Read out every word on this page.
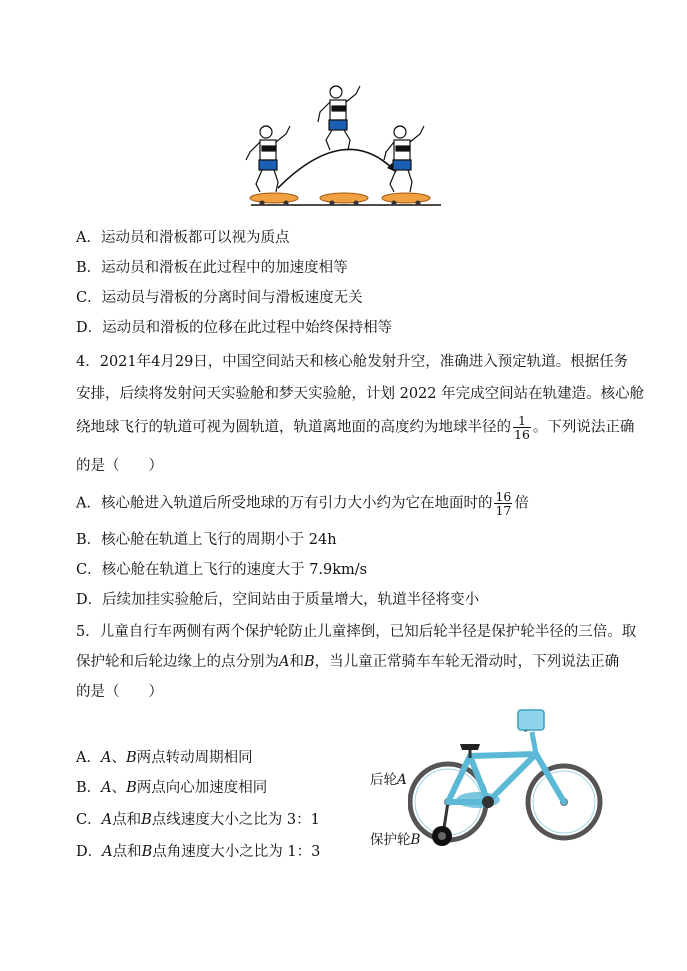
A．运动员和滑板都可以视为质点
B．运动员和滑板在此过程中的加速度相等
C．运动员与滑板的分离时间与滑板速度无关
D．运动员和滑板的位移在此过程中始终保持相等
4．2021年4月29日，中国空间站天和核心舱发射升空，准确进入预定轨道。根据任务
安排，后续将发射问天实验舱和梦天实验舱，计划 2022 年完成空间站在轨建造。核心舱
绕地球飞行的轨道可视为圆轨道，轨道离地面的高度约为地球半径的 $\frac{1}{16}$ 。下列说法正确
的是（　　）
A．核心舱进入轨道后所受地球的万有引力大小约为它在地面时的 $\frac{16}{17}$ 倍
B．核心舱在轨道上飞行的周期小于 24h
C．核心舱在轨道上飞行的速度大于 7.9km/s
D．后续加挂实验舱后，空间站由于质量增大，轨道半径将变小
5．儿童自行车两侧有两个保护轮防止儿童摔倒，已知后轮半径是保护轮半径的三倍。取
保护轮和后轮边缘上的点分别为A和B，当儿童正常骑车车轮无滑动时，下列说法正确
的是（　　）
A．A、B两点转动周期相同
B．A、B两点向心加速度相同
C．A点和B点线速度大小之比为 3：1
D．A点和B点角速度大小之比为 1：3
后轮A
保护轮B
